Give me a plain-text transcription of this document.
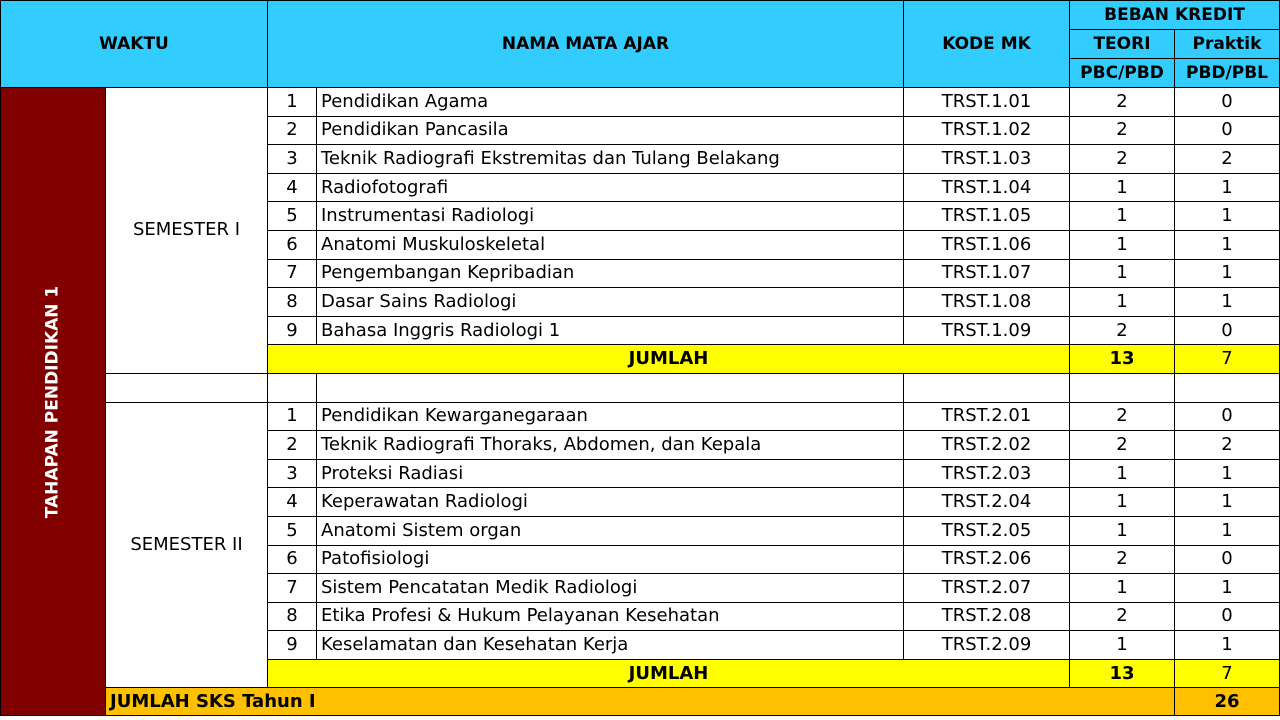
WAKTU		NAMA MATA AJAR		KODE MK	BEBAN KREDIT		
					TEORI	Praktik	
					PBC/PBD	PBD/PBL	

TAHAPAN PENDIDIKAN 1	SEMESTER I	1	Pendidikan Agama	TRST.1.01	2	0	
		2	Pendidikan Pancasila	TRST.1.02	2	0	
		3	Teknik Radiografi Ekstremitas dan Tulang Belakang	TRST.1.03	2	2	
		4	Radiofotografi	TRST.1.04	1	1	
		5	Instrumentasi Radiologi	TRST.1.05	1	1	
		6	Anatomi Muskuloskeletal	TRST.1.06	1	1	
		7	Pengembangan Kepribadian	TRST.1.07	1	1	
		8	Dasar Sains Radiologi	TRST.1.08	1	1	
		9	Bahasa Inggris Radiologi 1	TRST.1.09	2	0	
		JUMLAH			13	7	

	SEMESTER II	1	Pendidikan Kewarganegaraan	TRST.2.01	2	0	
		2	Teknik Radiografi Thoraks, Abdomen, dan Kepala	TRST.2.02	2	2	
		3	Proteksi Radiasi	TRST.2.03	1	1	
		4	Keperawatan Radiologi	TRST.2.04	1	1	
		5	Anatomi Sistem organ	TRST.2.05	1	1	
		6	Patofisiologi	TRST.2.06	2	0	
		7	Sistem Pencatatan Medik Radiologi	TRST.2.07	1	1	
		8	Etika Profesi & Hukum Pelayanan Kesehatan	TRST.2.08	2	0	
		9	Keselamatan dan Kesehatan Kerja	TRST.2.09	1	1	
		JUMLAH			13	7	
	JUMLAH SKS Tahun I					26	
